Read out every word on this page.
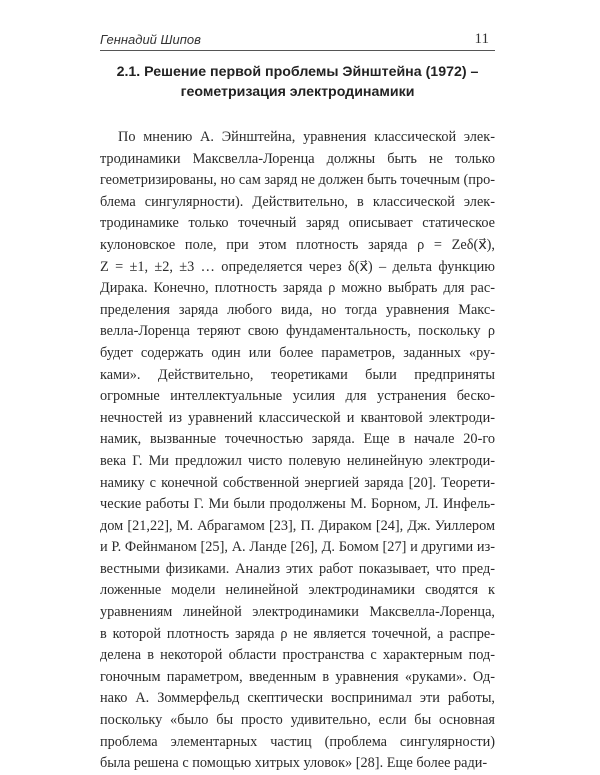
Геннадий Шипов	11
2.1. Решение первой проблемы Эйнштейна (1972) –
геометризация электродинамики
По мнению А. Эйнштейна, уравнения классической элек-
тродинамики Максвелла-Лоренца должны быть не только
геометризированы, но сам заряд не должен быть точечным (про-
блема сингулярности). Действительно, в классической элек-
тродинамике только точечный заряд описывает статическое
кулоновское поле, при этом плотность заряда ρ = Zeδ(x⃗),
Z = ±1, ±2, ±3 … определяется через δ(x⃗) – дельта функцию
Дирака. Конечно, плотность заряда ρ можно выбрать для рас-
пределения заряда любого вида, но тогда уравнения Макс-
велла-Лоренца теряют свою фундаментальность, поскольку ρ
будет содержать один или более параметров, заданных «ру-
ками». Действительно, теоретиками были предприняты
огромные интеллектуальные усилия для устранения беско-
нечностей из уравнений классической и квантовой электроди-
намик, вызванные точечностью заряда. Еще в начале 20-го
века Г. Ми предложил чисто полевую нелинейную электроди-
намику с конечной собственной энергией заряда [20]. Теорети-
ческие работы Г. Ми были продолжены М. Борном, Л. Инфель-
дом [21,22], М. Абрагамом [23], П. Дираком [24], Дж. Уиллером
и Р. Фейнманом [25], А. Ланде [26], Д. Бомом [27] и другими из-
вестными физиками. Анализ этих работ показывает, что пред-
ложенные модели нелинейной электродинамики сводятся к
уравнениям линейной электродинамики Максвелла-Лоренца,
в которой плотность заряда ρ не является точечной, а распре-
делена в некоторой области пространства с характерным под-
гоночным параметром, введенным в уравнения «руками». Од-
нако А. Зоммерфельд скептически воспринимал эти работы,
поскольку «было бы просто удивительно, если бы основная
проблема элементарных частиц (проблема сингулярности)
была решена с помощью хитрых уловок» [28]. Еще более ради-
